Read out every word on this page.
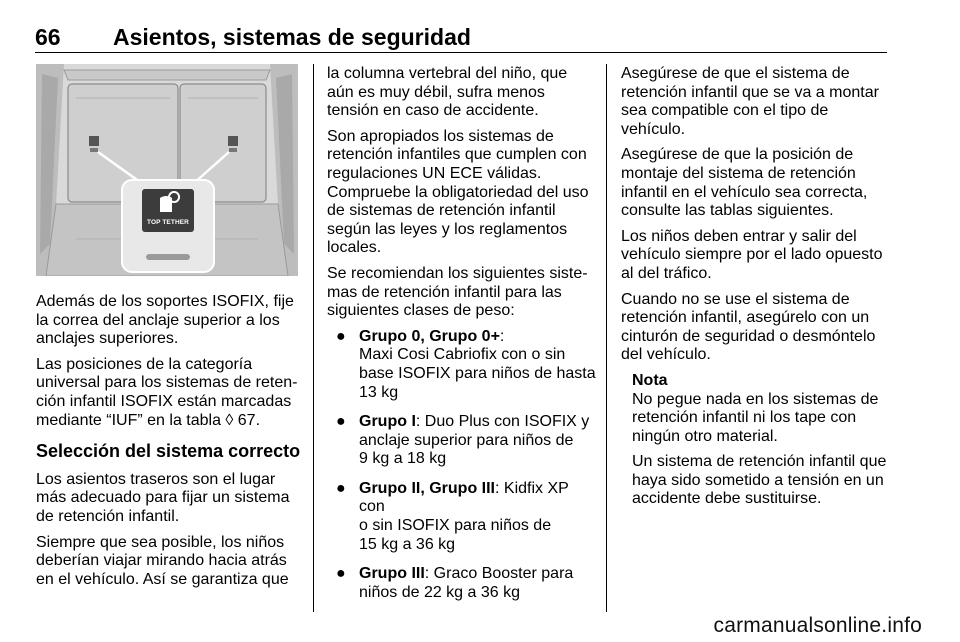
66 Asientos, sistemas de seguridad
TOP TETHER

Además de los soportes ISOFIX, fije
la correa del anclaje superior a los
anclajes superiores.

Las posiciones de la categoría
universal para los sistemas de reten‐
ción infantil ISOFIX están marcadas
mediante “IUF” en la tabla ◊ 67.

Selección del sistema correcto

Los asientos traseros son el lugar
más adecuado para fijar un sistema
de retención infantil.

Siempre que sea posible, los niños
deberían viajar mirando hacia atrás
en el vehículo. Así se garantiza que

la columna vertebral del niño, que
aún es muy débil, sufra menos
tensión en caso de accidente.

Son apropiados los sistemas de
retención infantiles que cumplen con
regulaciones UN ECE válidas.
Compruebe la obligatoriedad del uso
de sistemas de retención infantil
según las leyes y los reglamentos
locales.

Se recomiendan los siguientes siste‐
mas de retención infantil para las
siguientes clases de peso:

● Grupo 0, Grupo 0+:
Maxi Cosi Cabriofix con o sin
base ISOFIX para niños de hasta
13 kg
● Grupo I: Duo Plus con ISOFIX y
anclaje superior para niños de
9 kg a 18 kg
● Grupo II, Grupo III: Kidfix XP con
o sin ISOFIX para niños de
15 kg a 36 kg
● Grupo III: Graco Booster para
niños de 22 kg a 36 kg

Asegúrese de que el sistema de
retención infantil que se va a montar
sea compatible con el tipo de
vehículo.

Asegúrese de que la posición de
montaje del sistema de retención
infantil en el vehículo sea correcta,
consulte las tablas siguientes.

Los niños deben entrar y salir del
vehículo siempre por el lado opuesto
al del tráfico.

Cuando no se use el sistema de
retención infantil, asegúrelo con un
cinturón de seguridad o desmóntelo
del vehículo.

Nota

No pegue nada en los sistemas de
retención infantil ni los tape con
ningún otro material.

Un sistema de retención infantil que
haya sido sometido a tensión en un
accidente debe sustituirse.

carmanualsonline.info
